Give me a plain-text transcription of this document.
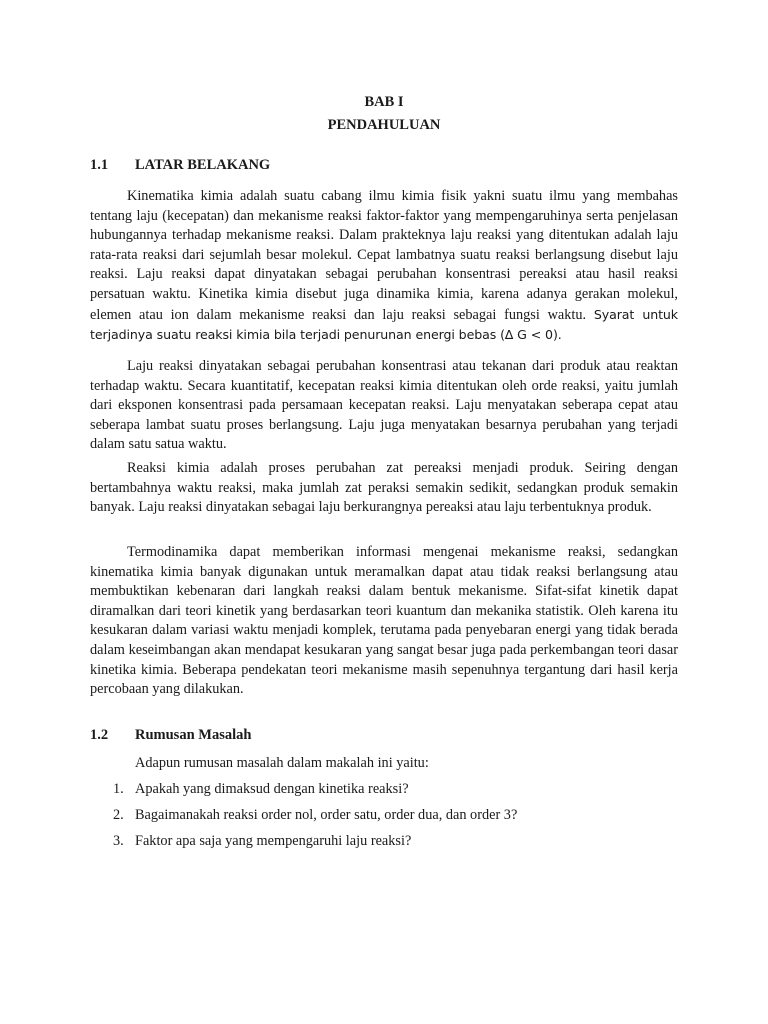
BAB I
PENDAHULUAN
1.1 LATAR BELAKANG
Kinematika kimia adalah suatu cabang ilmu kimia fisik yakni suatu ilmu yang membahas tentang laju (kecepatan) dan mekanisme reaksi faktor-faktor yang mempengaruhinya serta penjelasan hubungannya terhadap mekanisme reaksi. Dalam prakteknya laju reaksi yang ditentukan adalah laju rata-rata reaksi dari sejumlah besar molekul. Cepat lambatnya suatu reaksi berlangsung disebut laju reaksi. Laju reaksi dapat dinyatakan sebagai perubahan konsentrasi pereaksi atau hasil reaksi persatuan waktu. Kinetika kimia disebut juga dinamika kimia, karena adanya gerakan molekul, elemen atau ion dalam mekanisme reaksi dan laju reaksi sebagai fungsi waktu. Syarat untuk terjadinya suatu reaksi kimia bila terjadi penurunan energi bebas (∆ G < 0).
Laju reaksi dinyatakan sebagai perubahan konsentrasi atau tekanan dari produk atau reaktan terhadap waktu. Secara kuantitatif, kecepatan reaksi kimia ditentukan oleh orde reaksi, yaitu jumlah dari eksponen konsentrasi pada persamaan kecepatan reaksi. Laju menyatakan seberapa cepat atau seberapa lambat suatu proses berlangsung. Laju juga menyatakan besarnya perubahan yang terjadi dalam satu satua waktu.
Reaksi kimia adalah proses perubahan zat pereaksi menjadi produk. Seiring dengan bertambahnya waktu reaksi, maka jumlah zat peraksi semakin sedikit, sedangkan produk semakin banyak. Laju reaksi dinyatakan sebagai laju berkurangnya pereaksi atau laju terbentuknya produk.
Termodinamika dapat memberikan informasi mengenai mekanisme reaksi, sedangkan kinematika kimia banyak digunakan untuk meramalkan dapat atau tidak reaksi berlangsung atau membuktikan kebenaran dari langkah reaksi dalam bentuk mekanisme. Sifat-sifat kinetik dapat diramalkan dari teori kinetik yang berdasarkan teori kuantum dan mekanika statistik. Oleh karena itu kesukaran dalam variasi waktu menjadi komplek, terutama pada penyebaran energi yang tidak berada dalam keseimbangan akan mendapat kesukaran yang sangat besar juga pada perkembangan teori dasar kinetika kimia. Beberapa pendekatan teori mekanisme masih sepenuhnya tergantung dari hasil kerja percobaan yang dilakukan.
1.2 Rumusan Masalah
Adapun rumusan masalah dalam makalah ini yaitu:
1. Apakah yang dimaksud dengan kinetika reaksi?
2. Bagaimanakah reaksi order nol, order satu, order dua, dan order 3?
3. Faktor apa saja yang mempengaruhi laju reaksi?
